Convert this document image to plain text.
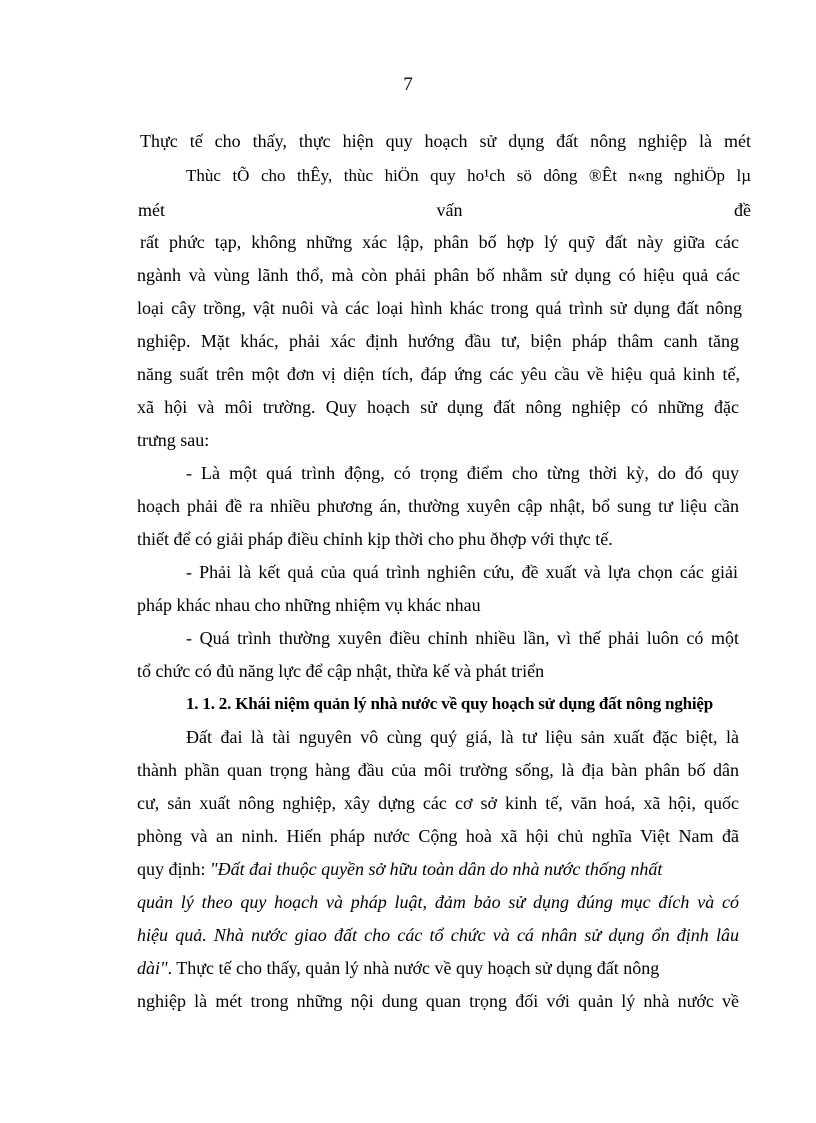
7
Thực tế cho thấy, thực hiện quy hoạch sử dụng đất nông nghiệp là mét
Thùc tÕ cho thÊy, thùc hiÖn quy ho¹ch sö dông ®Êt n«ng nghiÖp lµ
mét	vấn	đề
rất phức tạp, không những xác lập, phân bố hợp lý quỹ đất này giữa các
ngành và vùng lãnh thổ, mà còn phải phân bố nhằm sử dụng có hiệu quả các
loại cây trồng, vật nuôi và các loại hình khác trong quá trình sử dụng đất nông
nghiệp. Mặt khác, phải xác định hướng đầu tư, biện pháp thâm canh tăng
năng suất trên một đơn vị diện tích, đáp ứng các yêu cầu về hiệu quả kinh tế,
xã hội và môi trường. Quy hoạch sử dụng đất nông nghiệp có những đặc
trưng sau:
- Là một quá trình động, có trọng điểm cho từng thời kỳ, do đó quy
hoạch phải đề ra nhiều phương án, thường xuyên cập nhật, bổ sung tư liệu cần
thiết để có giải pháp điều chỉnh kịp thời cho phu ðhợp với thực tế.
- Phải là kết quả của quá trình nghiên cứu, đề xuất và lựa chọn các giải
pháp khác nhau cho những nhiệm vụ khác nhau
- Quá trình thường xuyên điều chỉnh nhiều lần, vì thế phải luôn có một
tổ chức có đủ năng lực để cập nhật, thừa kế và phát triển
1. 1. 2. Khái niệm quản lý nhà nước về quy hoạch sử dụng đất nông nghiệp
Đất đai là tài nguyên vô cùng quý giá, là tư liệu sản xuất đặc biệt, là
thành phần quan trọng hàng đầu của môi trường sống, là địa bàn phân bố dân
cư, sản xuất nông nghiệp, xây dựng các cơ sở kinh tế, văn hoá, xã hội, quốc
phòng và an ninh. Hiến pháp nước Cộng hoà xã hội chủ nghĩa Việt Nam đã
quy định: "Đất đai thuộc quyền sở hữu toàn dân do nhà nước thống nhất
quản lý theo quy hoạch và pháp luật, đảm bảo sử dụng đúng mục đích và có
hiệu quả. Nhà nước giao đất cho các tổ chức và cá nhân sử dụng ổn định lâu
dài". Thực tế cho thấy, quản lý nhà nước về quy hoạch sử dụng đất nông
nghiệp là mét trong những nội dung quan trọng đối với quản lý nhà nước về
